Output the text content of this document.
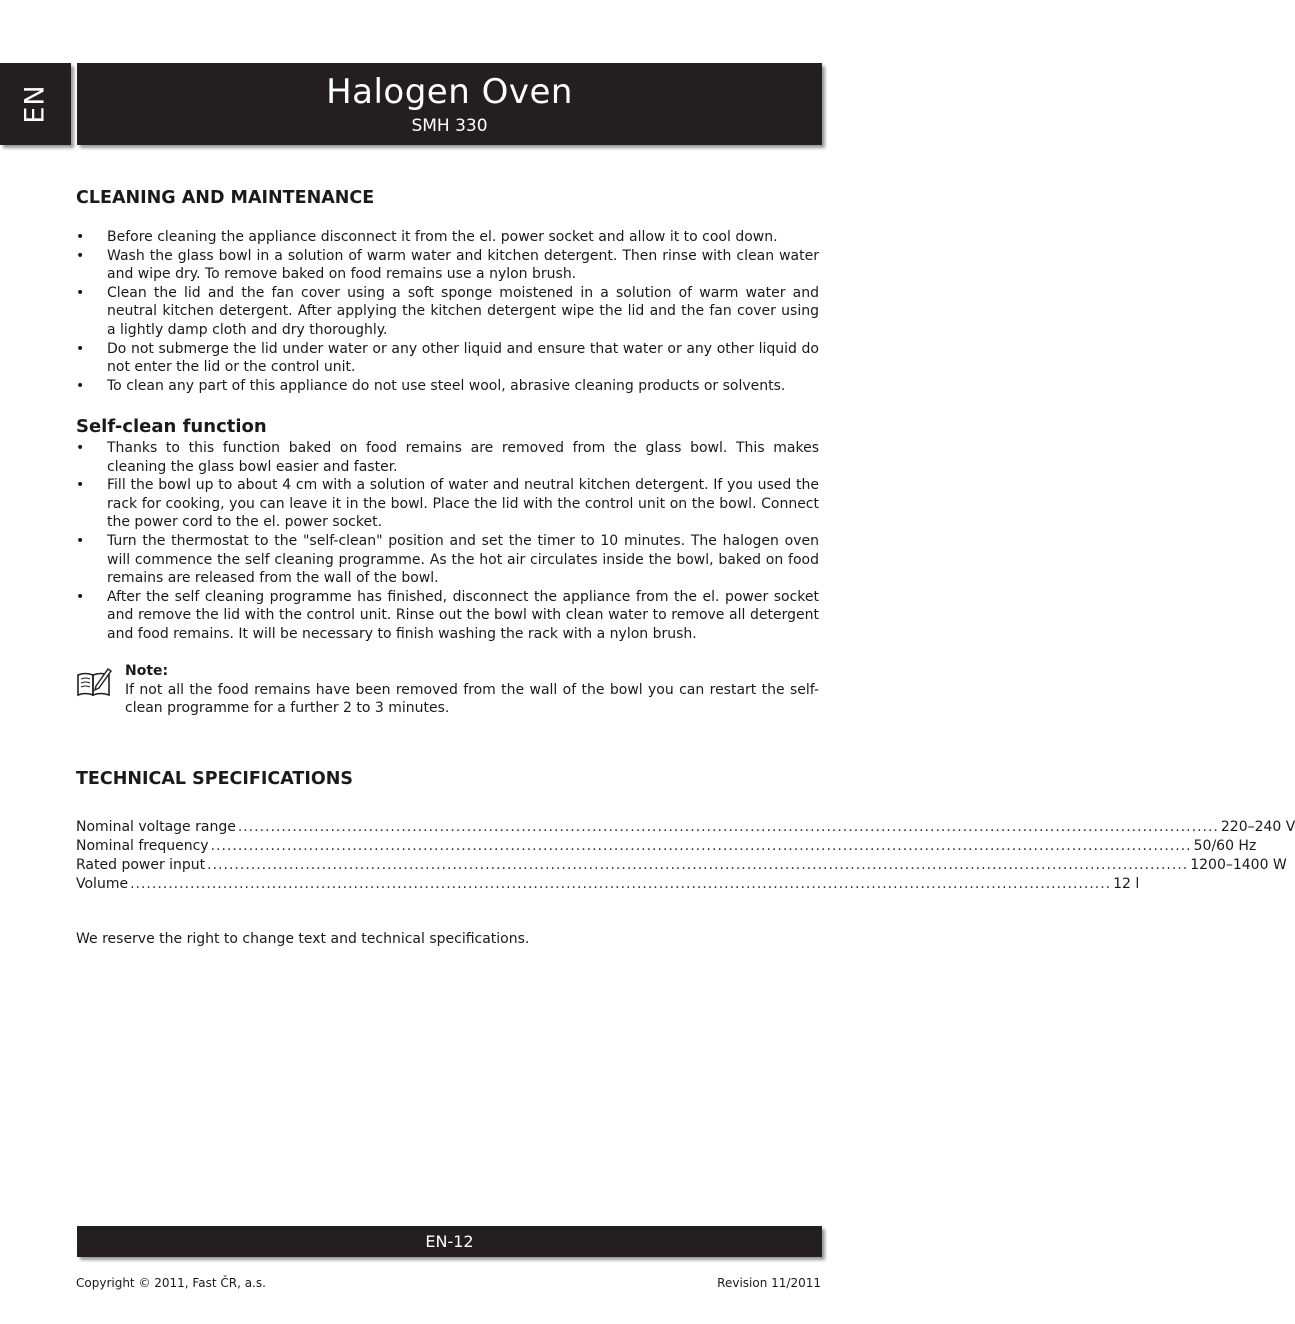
EN	Halogen Oven
SMH 330
CLEANING AND MAINTENANCE
• Before cleaning the appliance disconnect it from the el. power socket and allow it to cool down.
• Wash the glass bowl in a solution of warm water and kitchen detergent. Then rinse with clean water and wipe dry. To remove baked on food remains use a nylon brush.
• Clean the lid and the fan cover using a soft sponge moistened in a solution of warm water and neutral kitchen detergent. After applying the kitchen detergent wipe the lid and the fan cover using a lightly damp cloth and dry thoroughly.
• Do not submerge the lid under water or any other liquid and ensure that water or any other liquid do not enter the lid or the control unit.
• To clean any part of this appliance do not use steel wool, abrasive cleaning products or solvents.
Self-clean function
• Thanks to this function baked on food remains are removed from the glass bowl. This makes cleaning the glass bowl easier and faster.
• Fill the bowl up to about 4 cm with a solution of water and neutral kitchen detergent. If you used the rack for cooking, you can leave it in the bowl. Place the lid with the control unit on the bowl. Connect the power cord to the el. power socket.
• Turn the thermostat to the "self-clean" position and set the timer to 10 minutes. The halogen oven will commence the self cleaning programme. As the hot air circulates inside the bowl, baked on food remains are released from the wall of the bowl.
• After the self cleaning programme has finished, disconnect the appliance from the el. power socket and remove the lid with the control unit. Rinse out the bowl with clean water to remove all detergent and food remains. It will be necessary to finish washing the rack with a nylon brush.
Note:
If not all the food remains have been removed from the wall of the bowl you can restart the self-clean programme for a further 2 to 3 minutes.
TECHNICAL SPECIFICATIONS
Nominal voltage range .................................................................................................................................................................................... 220–240 V
Nominal frequency .................................................................................................................................................................................... 50/60 Hz
Rated power input .................................................................................................................................................................................... 1200–1400 W
Volume .................................................................................................................................................................................... 12 l
We reserve the right to change text and technical specifications.
EN-12
Copyright © 2011, Fast ČR, a.s.	Revision 11/2011
